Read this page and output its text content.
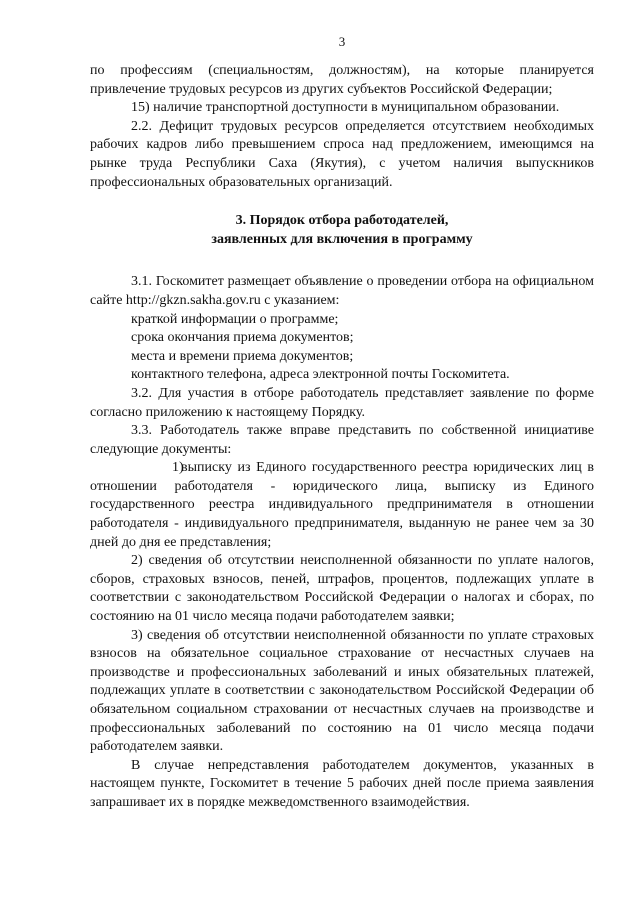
3

по профессиям (специальностям, должностям), на которые планируется привлечение трудовых ресурсов из других субъектов Российской Федерации;

15) наличие транспортной доступности в муниципальном образовании.

2.2. Дефицит трудовых ресурсов определяется отсутствием необходимых рабочих кадров либо превышением спроса над предложением, имеющимся на рынке труда Республики Саха (Якутия), с учетом наличия выпускников профессиональных образовательных организаций.

3. Порядок отбора работодателей,
заявленных для включения в программу

3.1. Госкомитет размещает объявление о проведении отбора на официальном сайте http://gkzn.sakha.gov.ru с указанием:

краткой информации о программе;
срока окончания приема документов;
места и времени приема документов;
контактного телефона, адреса электронной почты Госкомитета.

3.2. Для участия в отборе работодатель представляет заявление по форме согласно приложению к настоящему Порядку.

3.3. Работодатель также вправе представить по собственной инициативе следующие документы:

1)выписку из Единого государственного реестра юридических лиц в отношении работодателя - юридического лица, выписку из Единого государственного реестра индивидуального предпринимателя в отношении работодателя - индивидуального предпринимателя, выданную не ранее чем за 30 дней до дня ее представления;

2) сведения об отсутствии неисполненной обязанности по уплате налогов, сборов, страховых взносов, пеней, штрафов, процентов, подлежащих уплате в соответствии с законодательством Российской Федерации о налогах и сборах, по состоянию на 01 число месяца подачи работодателем заявки;

3) сведения об отсутствии неисполненной обязанности по уплате страховых взносов на обязательное социальное страхование от несчастных случаев на производстве и профессиональных заболеваний и иных обязательных платежей, подлежащих уплате в соответствии с законодательством Российской Федерации об обязательном социальном страховании от несчастных случаев на производстве и профессиональных заболеваний по состоянию на 01 число месяца подачи работодателем заявки.

В случае непредставления работодателем документов, указанных в настоящем пункте, Госкомитет в течение 5 рабочих дней после приема заявления запрашивает их в порядке межведомственного взаимодействия.
